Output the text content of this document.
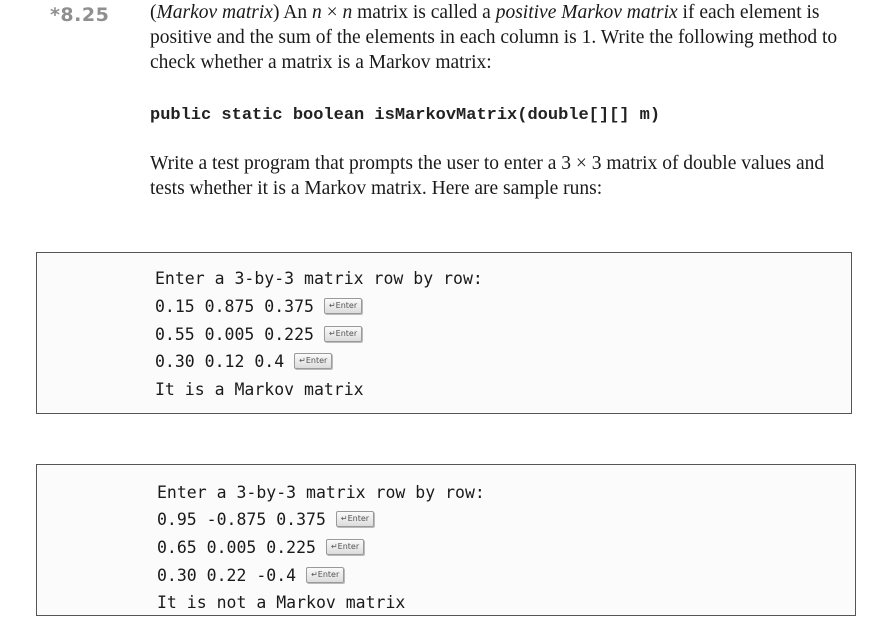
*8.25 (Markov matrix) An n × n matrix is called a positive Markov matrix if each element is positive and the sum of the elements in each column is 1. Write the following method to check whether a matrix is a Markov matrix:

public static boolean isMarkovMatrix(double[][] m)

Write a test program that prompts the user to enter a 3 × 3 matrix of double values and tests whether it is a Markov matrix. Here are sample runs:

Enter a 3-by-3 matrix row by row:
0.15 0.875 0.375	↵Enter
0.55 0.005 0.225	↵Enter
0.30 0.12 0.4	↵Enter
It is a Markov matrix
Enter a 3-by-3 matrix row by row:
0.95 -0.875 0.375	↵Enter
0.65 0.005 0.225	↵Enter
0.30 0.22 -0.4	↵Enter
It is not a Markov matrix
